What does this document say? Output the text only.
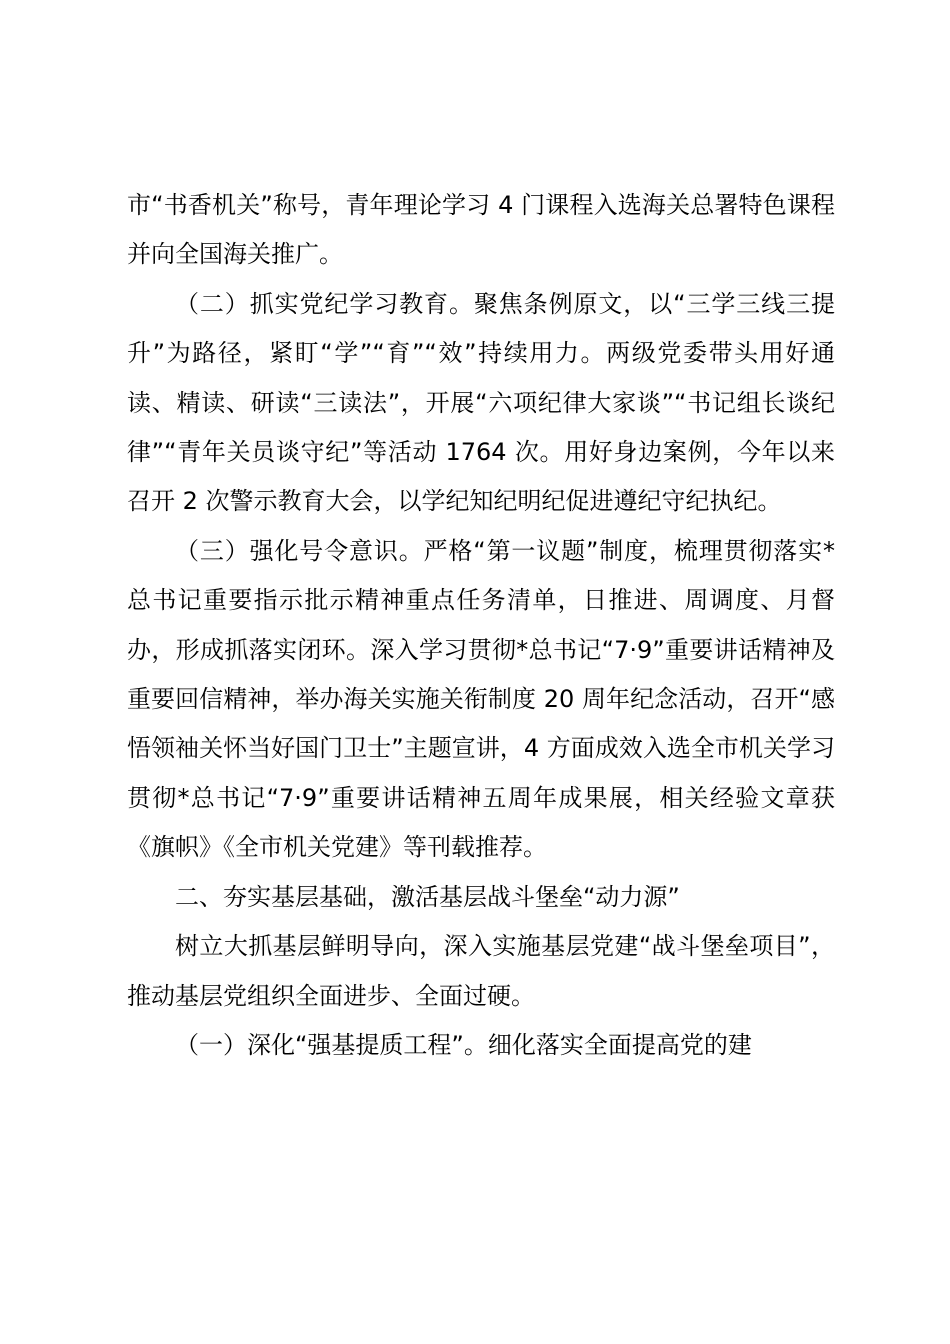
市“书香机关”称号，青年理论学习 4 门课程入选海关总署特色课程并向全国海关推广。

（二）抓实党纪学习教育。聚焦条例原文，以“三学三线三提升”为路径，紧盯“学”“育”“效”持续用力。两级党委带头用好通读、精读、研读“三读法”，开展“六项纪律大家谈”“书记组长谈纪律”“青年关员谈守纪”等活动 1764 次。用好身边案例，今年以来召开 2 次警示教育大会，以学纪知纪明纪促进遵纪守纪执纪。

（三）强化号令意识。严格“第一议题”制度，梳理贯彻落实*总书记重要指示批示精神重点任务清单，日推进、周调度、月督办，形成抓落实闭环。深入学习贯彻*总书记“7·9”重要讲话精神及重要回信精神，举办海关实施关衔制度 20 周年纪念活动，召开“感悟领袖关怀当好国门卫士”主题宣讲，4 方面成效入选全市机关学习贯彻*总书记“7·9”重要讲话精神五周年成果展，相关经验文章获《旗帜》《全市机关党建》等刊载推荐。

二、夯实基层基础，激活基层战斗堡垒“动力源”

树立大抓基层鲜明导向，深入实施基层党建“战斗堡垒项目”，推动基层党组织全面进步、全面过硬。

（一）深化“强基提质工程”。细化落实全面提高党的建
